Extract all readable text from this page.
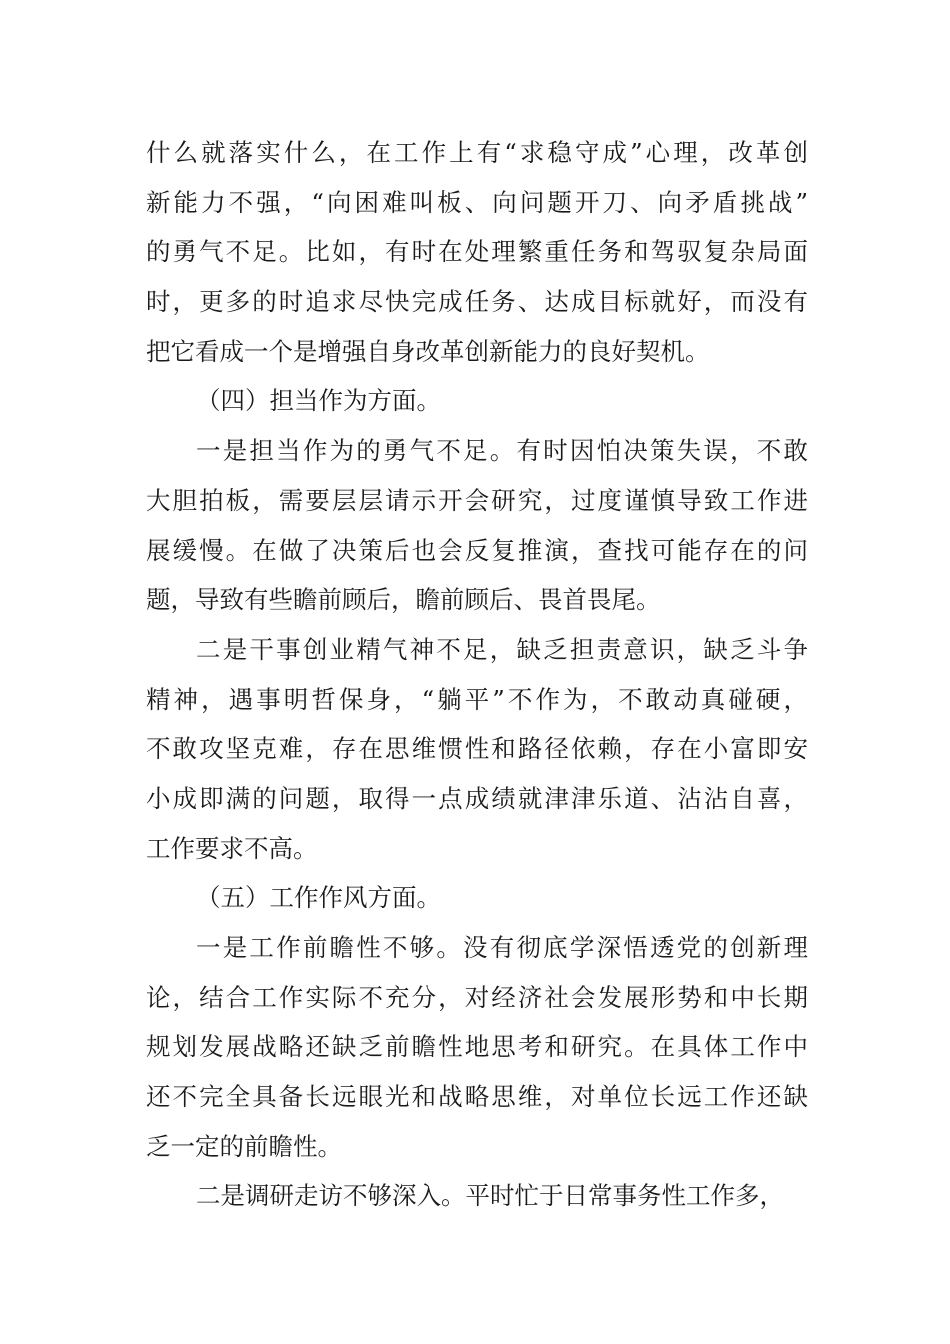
什么就落实什么，在工作上有“求稳守成”心理，改革创
新能力不强，“向困难叫板、向问题开刀、向矛盾挑战”
的勇气不足。比如，有时在处理繁重任务和驾驭复杂局面
时，更多的时追求尽快完成任务、达成目标就好，而没有
把它看成一个是增强自身改革创新能力的良好契机。
（四）担当作为方面。
一是担当作为的勇气不足。有时因怕决策失误，不敢
大胆拍板，需要层层请示开会研究，过度谨慎导致工作进
展缓慢。在做了决策后也会反复推演，查找可能存在的问
题，导致有些瞻前顾后，瞻前顾后、畏首畏尾。
二是干事创业精气神不足，缺乏担责意识，缺乏斗争
精神，遇事明哲保身，“躺平”不作为，不敢动真碰硬，
不敢攻坚克难，存在思维惯性和路径依赖，存在小富即安
小成即满的问题，取得一点成绩就津津乐道、沾沾自喜，
工作要求不高。
（五）工作作风方面。
一是工作前瞻性不够。没有彻底学深悟透党的创新理
论，结合工作实际不充分，对经济社会发展形势和中长期
规划发展战略还缺乏前瞻性地思考和研究。在具体工作中
还不完全具备长远眼光和战略思维，对单位长远工作还缺
乏一定的前瞻性。
二是调研走访不够深入。平时忙于日常事务性工作多，
